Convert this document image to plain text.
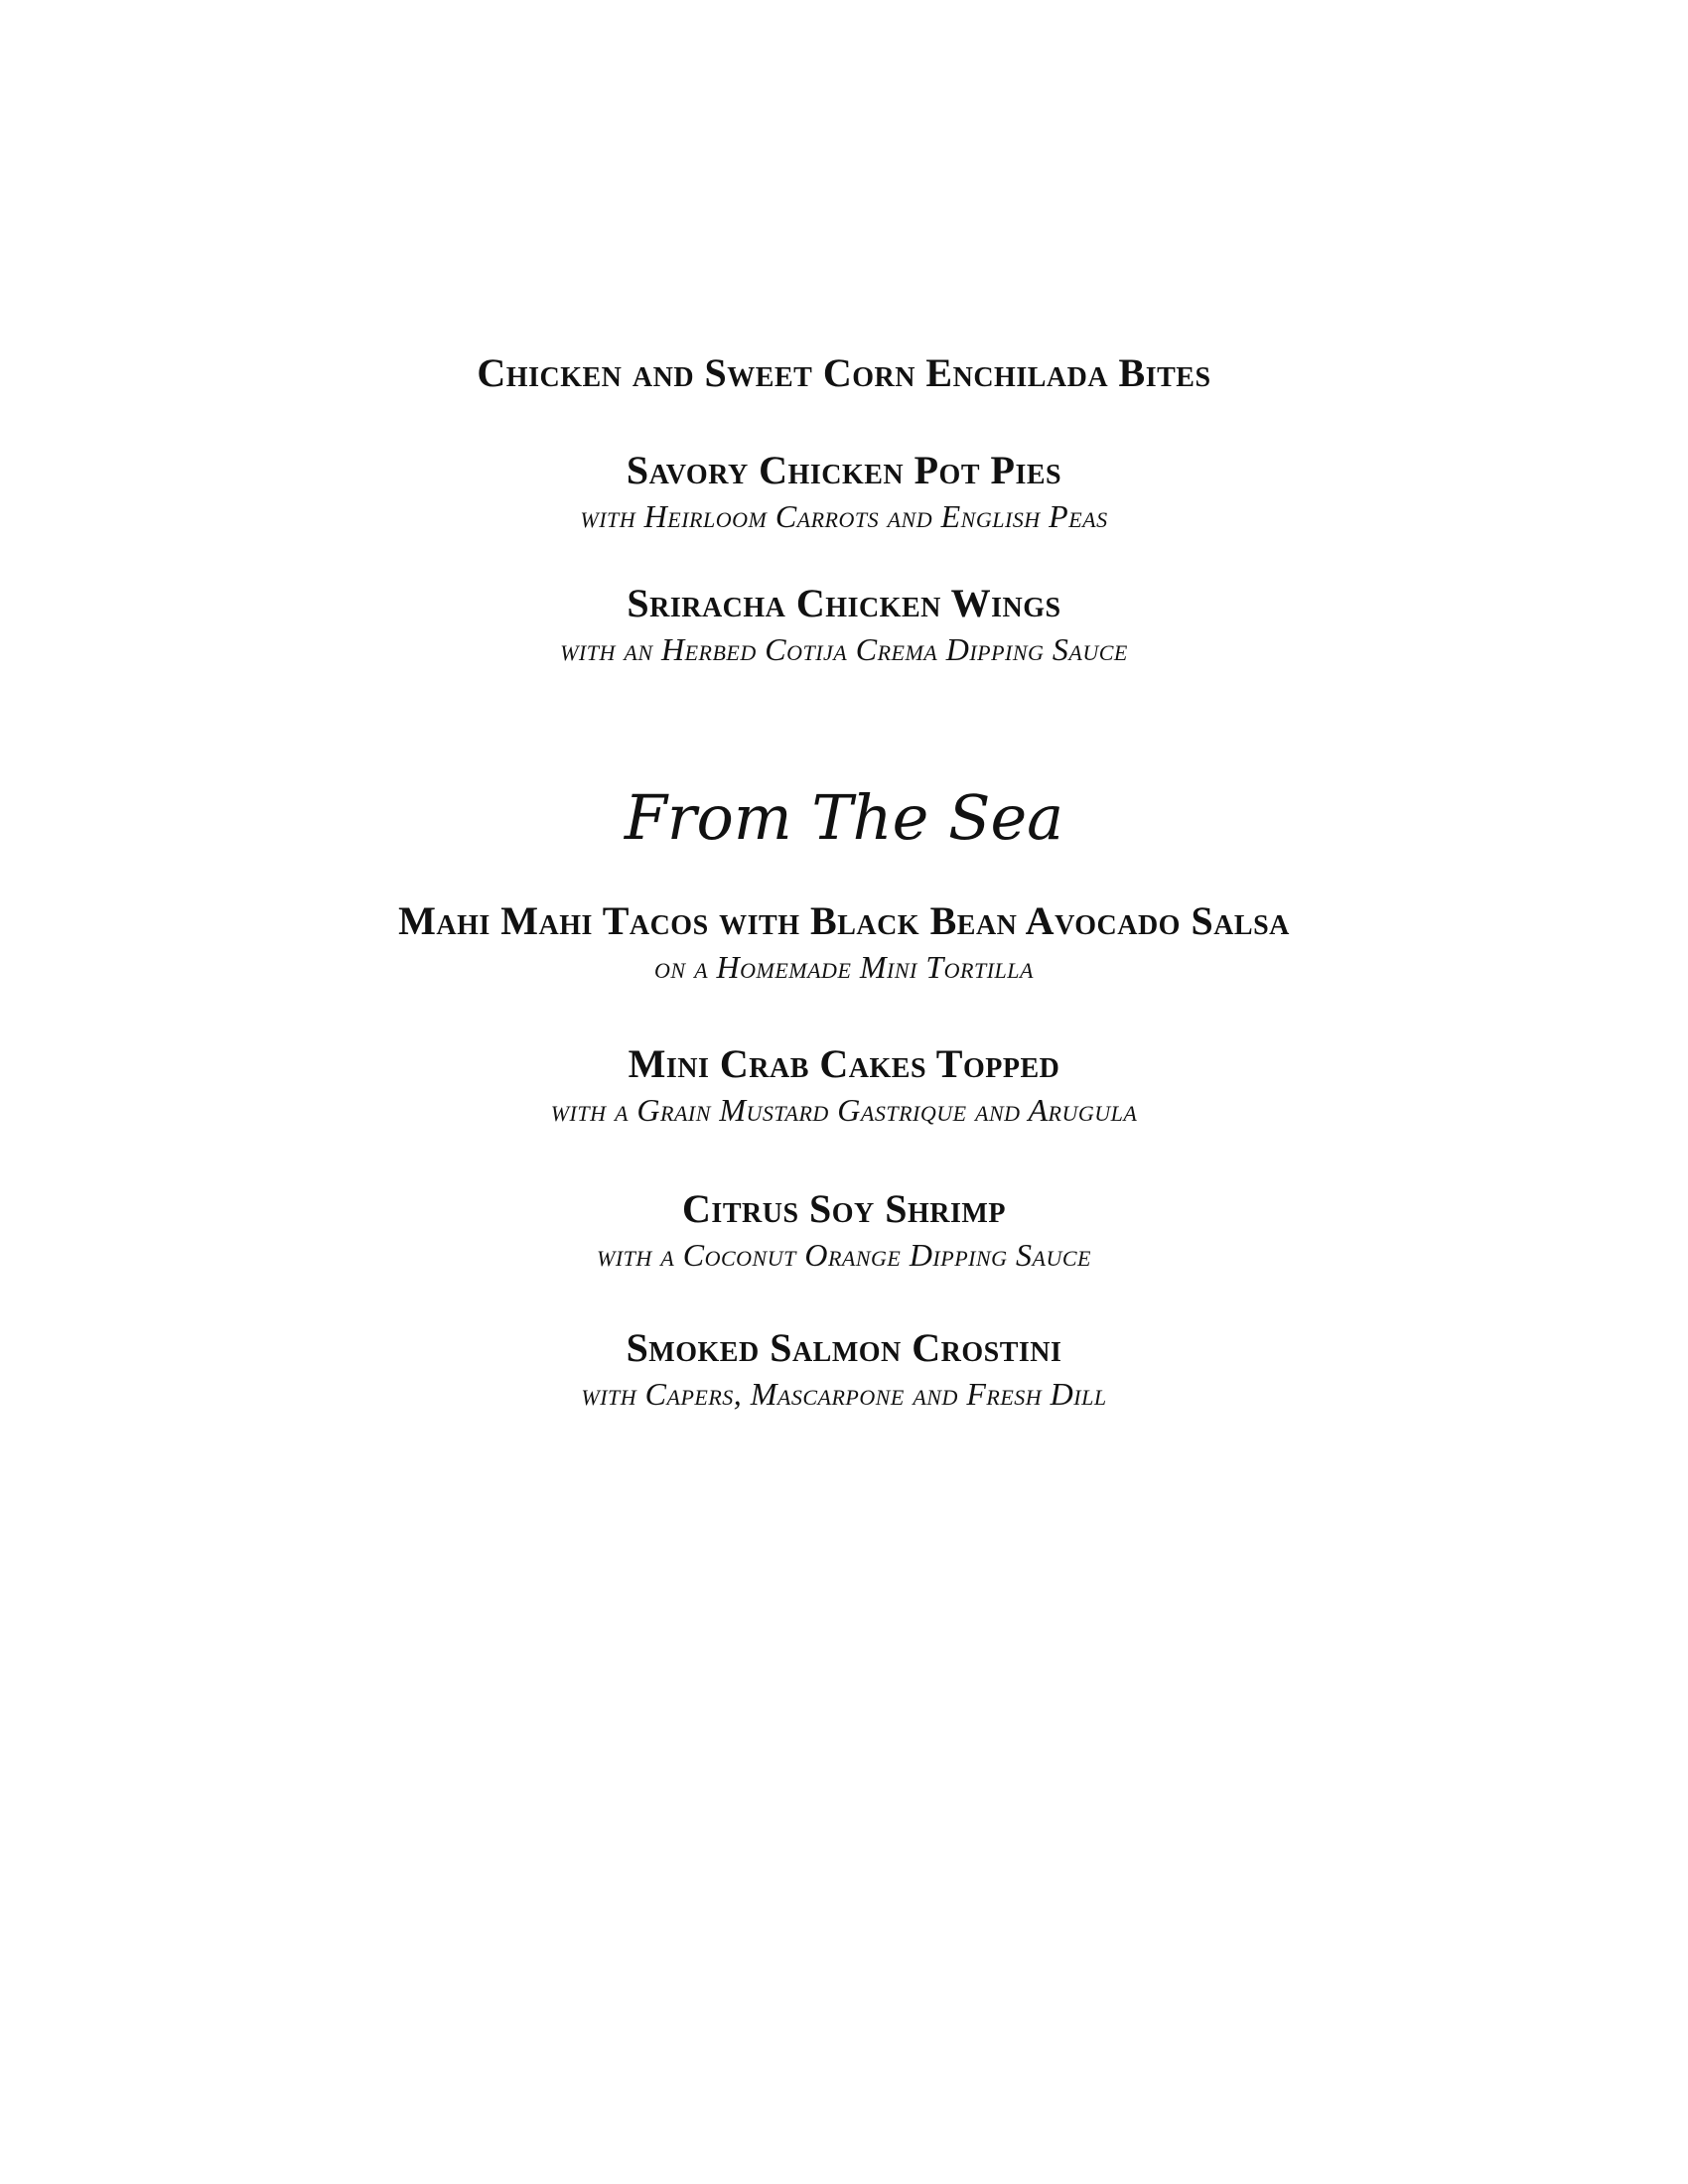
Chicken and Sweet Corn Enchilada Bites
Savory Chicken Pot Pies
with Heirloom Carrots and English Peas
Sriracha Chicken Wings
with an Herbed Cotija Crema Dipping Sauce
From The Sea
Mahi Mahi Tacos with Black Bean Avocado Salsa
on a Homemade Mini Tortilla
Mini Crab Cakes Topped
with a Grain Mustard Gastrique and Arugula
Citrus Soy Shrimp
with a Coconut Orange Dipping Sauce
Smoked Salmon Crostini
with Capers, Mascarpone and Fresh Dill
